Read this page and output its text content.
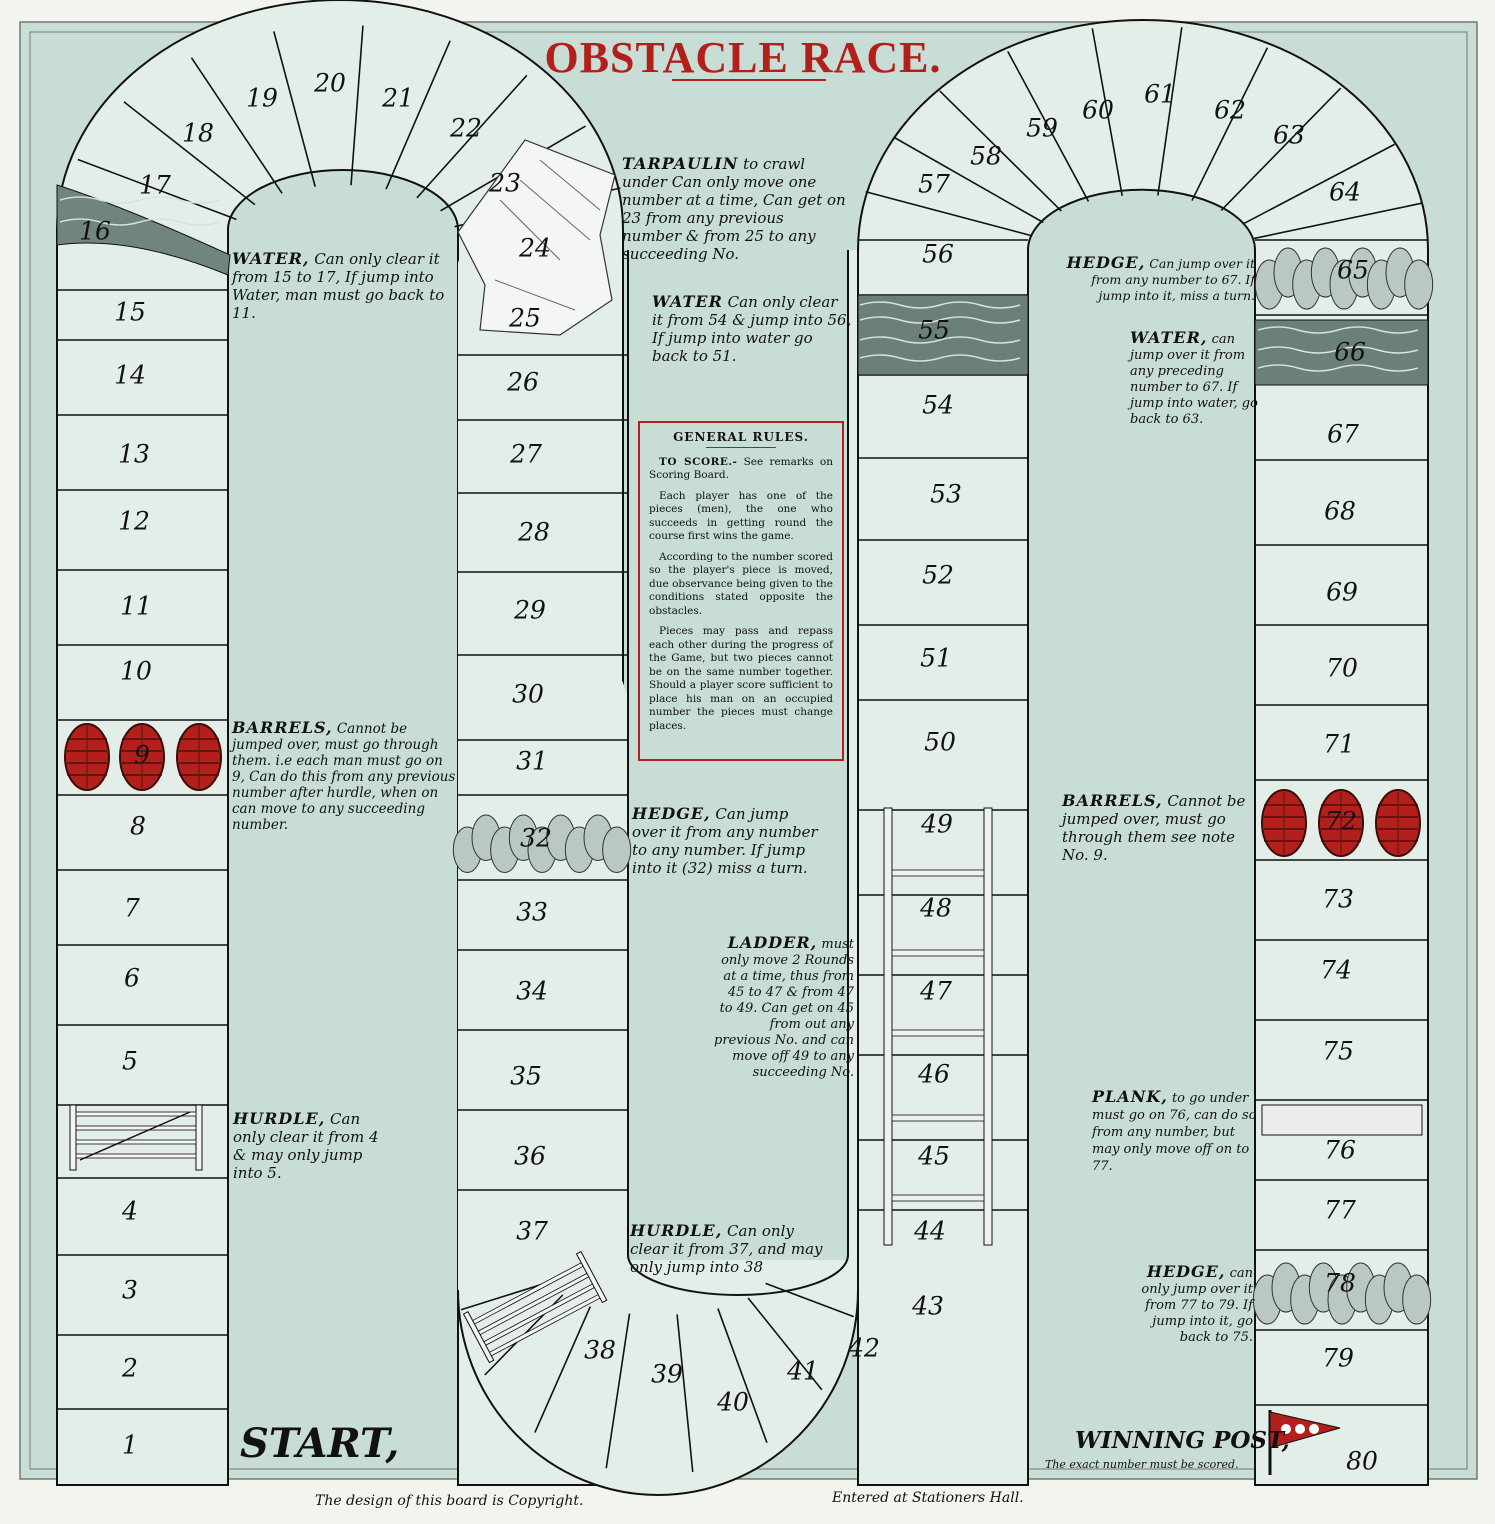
OBSTACLE RACE.
1
2
3
4
5
6
7
8
9
10
11
12
13
14
15
16
17
18
19
20
21
22
23
24
25
26
27
28
29
30
31
32
33
34
35
36
37
38
39
40
41
42
43
44
45
46
47
48
49
50
51
52
53
54
55
56
57
58
59
60
61
62
63
64
65
66
67
68
69
70
71
72
73
74
75
76
77
78
79
80

WATER, Can only clear it from 15 to 17, If jump into Water, man must go back to 11.

BARRELS, Cannot be jumped over, must go through them. i.e each man must go on 9, Can do this from any previous number after hurdle, when on can move to any succeeding number.

HURDLE, Can only clear it from 4 & may only jump into 5.

TARPAULIN to crawl under Can only move one number at a time, Can get on 23 from any previous number & from 25 to any succeeding No.

WATER Can only clear it from 54 & jump into 56, If jump into water go back to 51.

HEDGE, Can jump over it from any number to any number. If jump into it (32) miss a turn.

LADDER, must only move 2 Rounds at a time, thus from 45 to 47 & from 47 to 49. Can get on 45 from out any previous No. and can move off 49 to any succeeding No.

HURDLE, Can only clear it from 37, and may only jump into 38

HEDGE, Can jump over it from any number to 67. If jump into it, miss a turn.

WATER, can jump over it from any preceding number to 67. If jump into water, go back to 63.

BARRELS, Cannot be jumped over, must go through them see note No. 9.

PLANK, to go under must go on 76, can do so from any number, but may only move off on to 77.

HEDGE, can only jump over it from 77 to 79. If jump into it, go back to 75.

GENERAL RULES.

TO SCORE.- See remarks on Scoring Board.

Each player has one of the pieces (men), the one who succeeds in getting round the course first wins the game.

According to the number scored so the player's piece is moved, due observance being given to the conditions stated opposite the obstacles.

Pieces may pass and repass each other during the progress of the Game, but two pieces cannot be on the same number together. Should a player score sufficient to place his man on an occupied number the pieces must change places.

START,	WINNING POST,

The exact number must be scored.

The design of this board is Copyright.	Entered at Stationers Hall.
